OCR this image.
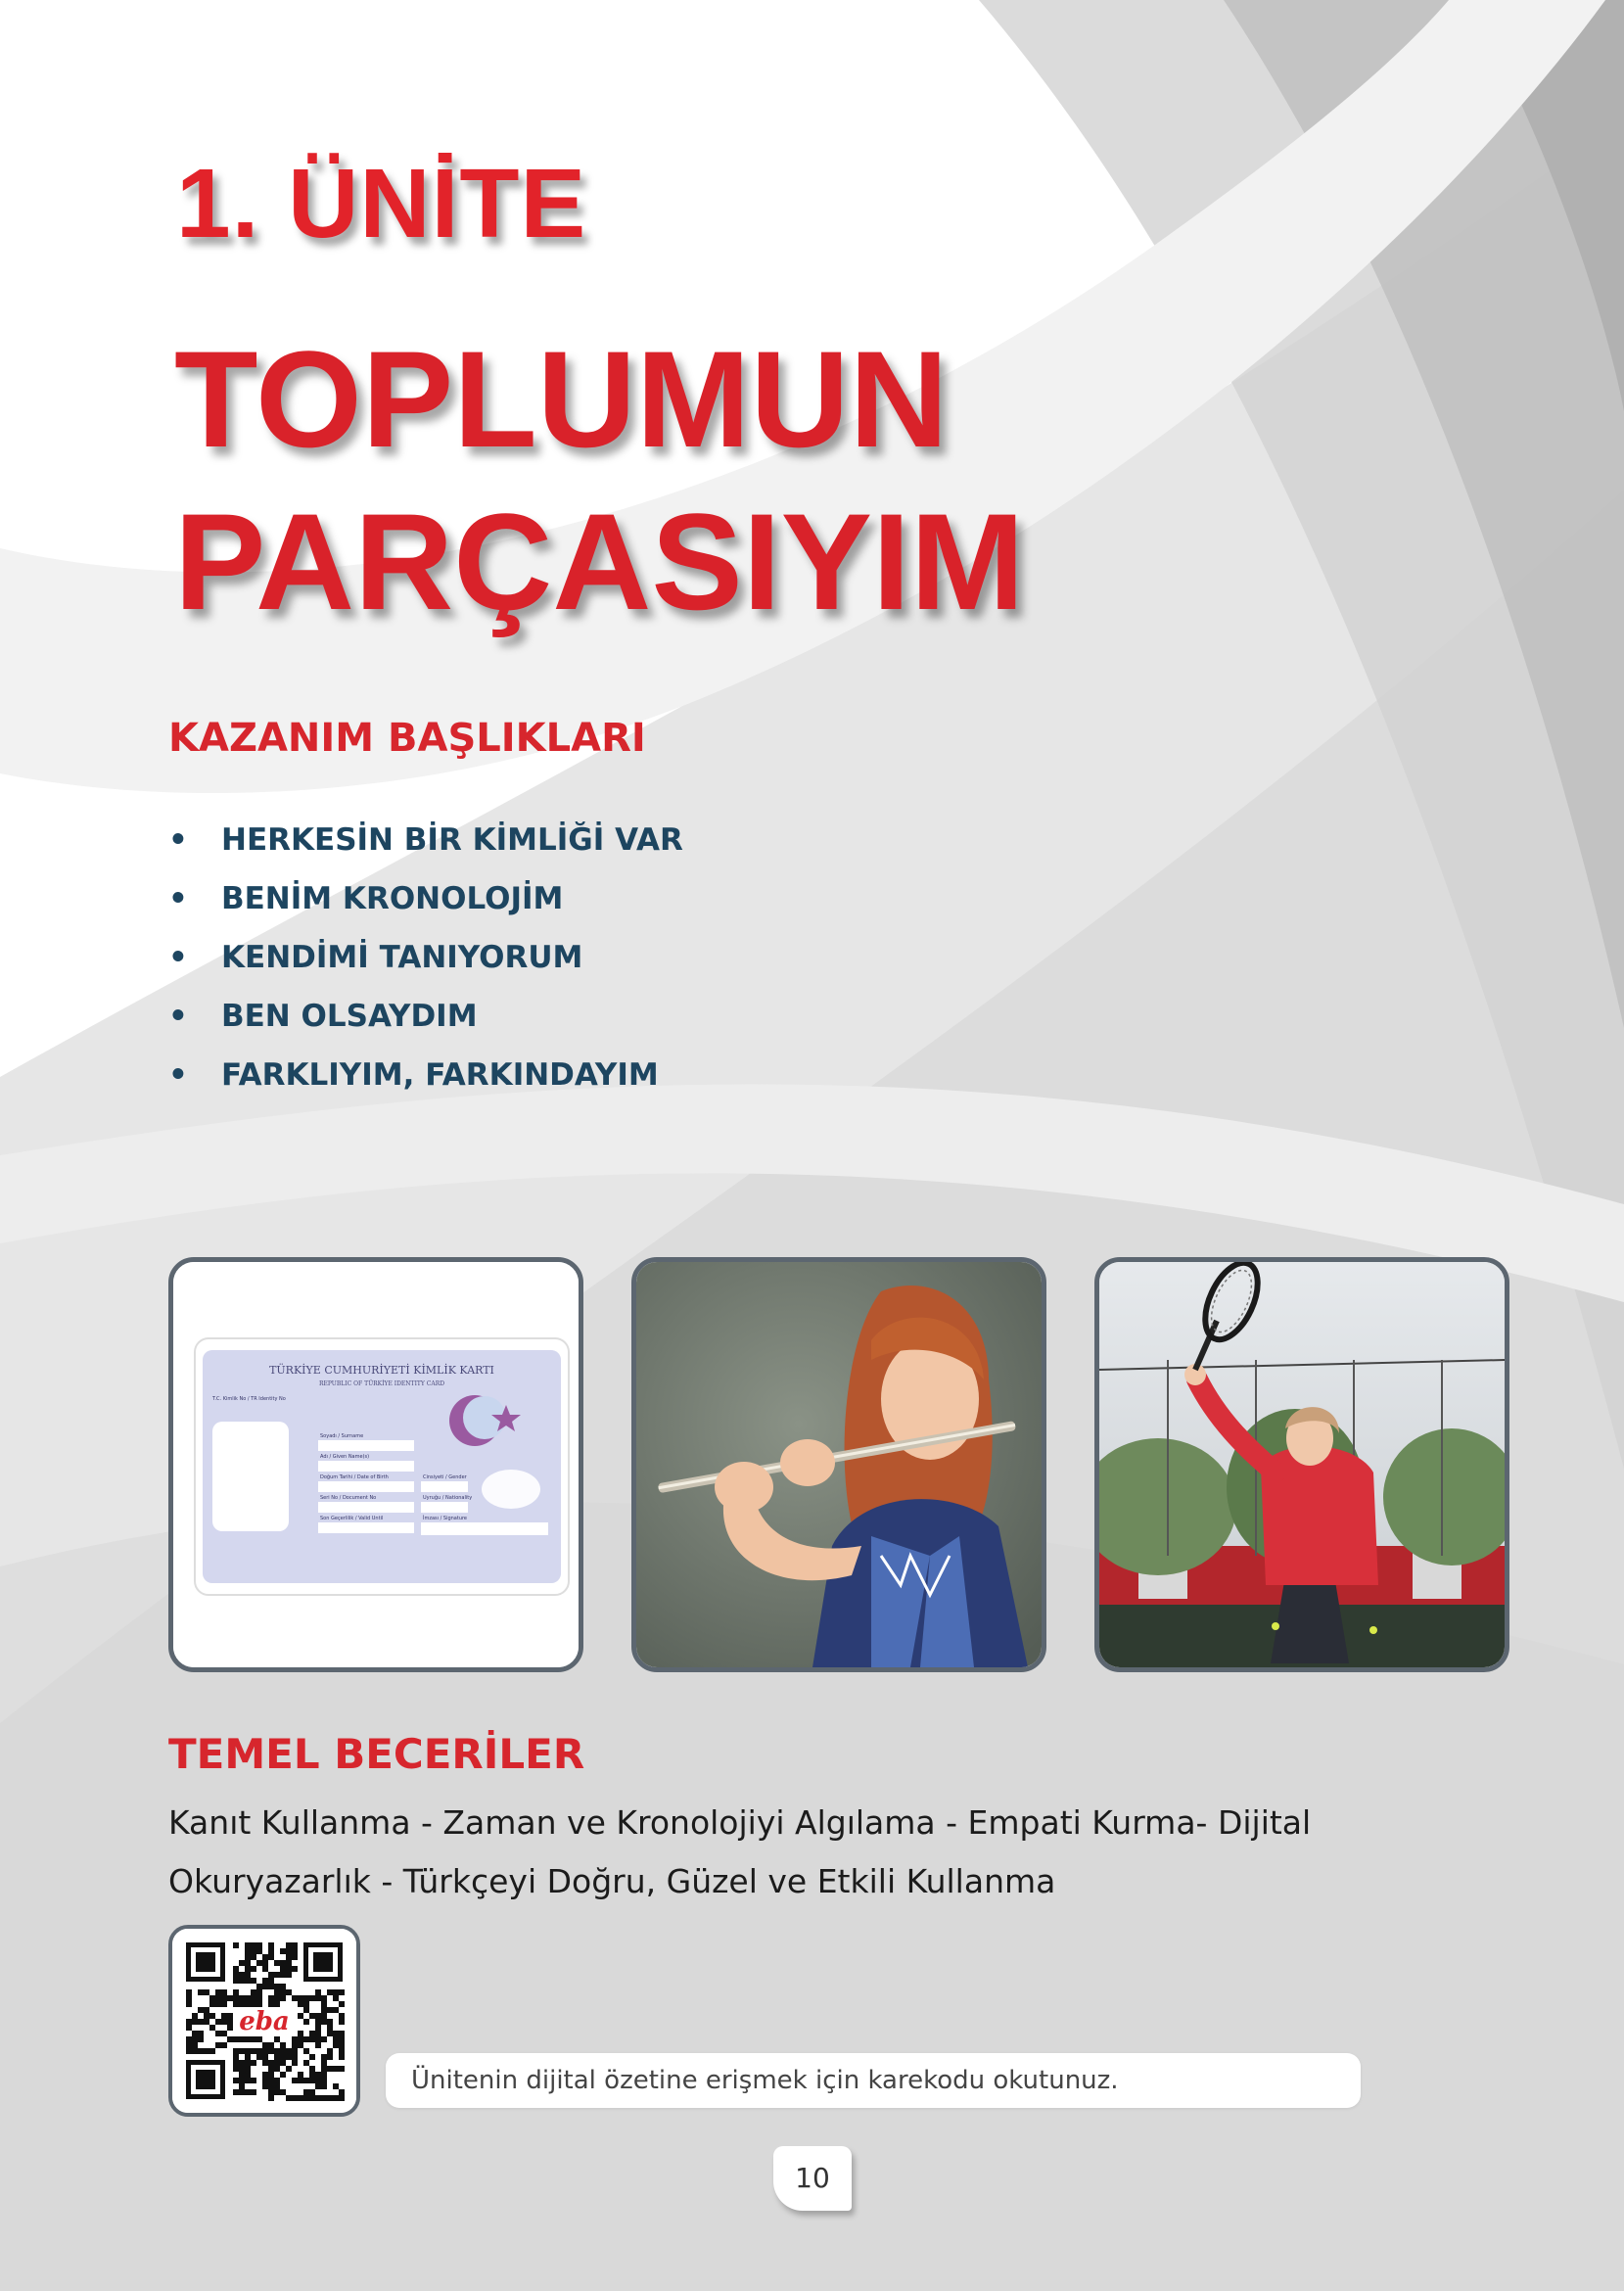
1. ÜNİTE
TOPLUMUN
PARÇASIYIM
KAZANIM BAŞLIKLARI
• HERKESİN BİR KİMLİĞİ VAR
• BENİM KRONOLOJİM
• KENDİMİ TANIYORUM
• BEN OLSAYDIM
• FARKLIYIM, FARKINDAYIM
TÜRKİYE CUMHURİYETİ KİMLİK KARTI
REPUBLIC OF TÜRKİYE IDENTITY CARD
T.C. Kimlik No / TR Identity No
Soyadı / Surname
Adı / Given Name(s)
Doğum Tarihi / Date of Birth	Cinsiyeti / Gender
Seri No / Document No	Uyruğu / Nationality
Son Geçerlilik / Valid Until	İmzası / Signature
TEMEL BECERİLER

Kanıt Kullanma - Zaman ve Kronolojiyi Algılama - Empati Kurma- Dijital
Okuryazarlık - Türkçeyi Doğru, Güzel ve Etkili Kullanma

eba
Ünitenin dijital özetine erişmek için karekodu okutunuz.
10
